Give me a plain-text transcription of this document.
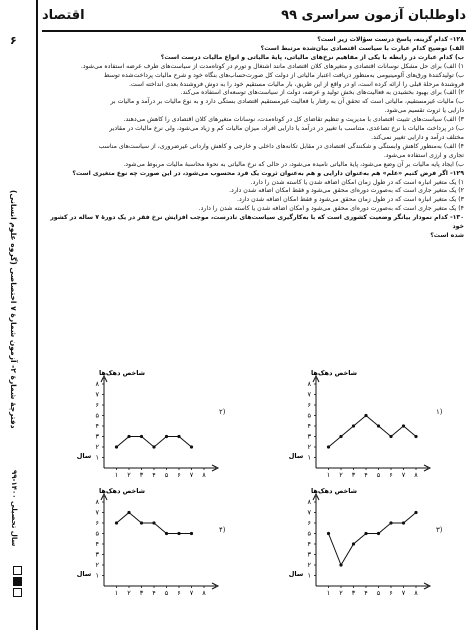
۶
دفترچۀ شمارۀ ۲- آزمون شمارۀ ۷ اختصاصی (گروه علوم انسانی)
سال تحصیلی ۱۴۰۰-۹۹
داوطلبان آزمون سراسری ۹۹
اقتصاد

۱۲۸- کدام گزینه، پاسخ درست سؤالات زیر است؟

الف) توضیح کدام عبارت با سیاست اقتصادی بیان‌شده مرتبط است؟

ب) کدام عبارت در رابطه با یکی از مفاهیم نرخ‌های مالیاتی، پایۀ مالیاتی و انواع مالیات درست است؟

۱) الف) برای حل مشکل نوسانات اقتصادی و متغیرهای کلان اقتصادی مانند اشتغال و تورم در کوتاه‌مدت از سیاست‌های طرف عرضه استفاده می‌شود.

ب) تولیدکنندۀ ورق‌های آلومینیومی به‌منظور دریافت اعتبار مالیاتی از دولت کل صورت‌حساب‌های بنگاه خود و شرح مالیات پرداخت‌شده توسط

فروشندۀ مرحلۀ قبلی را ارائه کرده است، او در واقع از این طریق، بار مالیات مستقیم خود را به دوش فروشندۀ بعدی انداخته است.

۲) الف) برای بهبود بخشیدن به فعالیت‌های بخش تولید و عرضه، دولت از سیاست‌های توسعه‌ای استفاده می‌کند.

ب) مالیات غیرمستقیم، مالیاتی است که تحقق آن به رفتار یا فعالیت غیرمستقیم اقتصادی بستگی دارد و به نوع مالیات بر درآمد و مالیات بر

دارایی یا ثروت تقسیم می‌شود.

۳) الف) سیاست‌های تثبیت اقتصادی با مدیریت و تنظیم تقاضای کل در کوتاه‌مدت، نوسانات متغیرهای کلان اقتصادی را کاهش می‌دهند.

ب) در پرداخت مالیات با نرخ تصاعدی، متناسب با تغییر در درآمد یا دارایی افراد، میزان مالیات کم و زیاد می‌شود، ولی نرخ مالیات در مقادیر

مختلف درآمد و دارایی تغییر نمی‌کند.

۴) الف) به‌منظور کاهش وابستگی و شکنندگی اقتصادی در مقابل تکانه‌های داخلی و خارجی و کاهش وارداتی غیرضروری، از سیاست‌های مناسب

تجاری و ارزی استفاده می‌شود.

ب) ایجاد پایه مالیات بر آن وضع می‌شود، پایۀ مالیاتی نامیده می‌شود، در حالی که نرخ مالیاتی به نحوۀ محاسبۀ مالیات مربوط می‌شود.

۱۲۹- اگر فرض کنیم «علم» هم به‌عنوان دارایی و هم به‌عنوان ثروت یک فرد محسوب می‌شود، در این صورت چه نوع متغیری است؟

۱) یک متغیر انباره است که در طول زمان امکان اضافه شدن یا کاسته شدن را دارد.

۲) یک متغیر جاری است که به‌صورت دوره‌ای محقق می‌شود و فقط امکان اضافه شدن دارد.

۳) یک متغیر انباره است که در طول زمان محقق می‌شود و فقط امکان اضافه شدن دارد.

۴) یک متغیر جاری است که به‌صورت دوره‌ای محقق می‌شود و امکان اضافه شدن یا کاسته شدن را دارد.

۱۳۰- کدام نمودار بیانگر وضعیت کشوری است که با به‌کارگیری سیاست‌های نادرست، موجب افزایش نرخ فقر در یک دورۀ ۷ ساله در کشور خود

شده است؟

شاخص دهک‌ها
سال ۱
۲
۳
۴
۵
۶
۷
۸
۱ ۲ ۳ ۴ ۵ ۶ ۷ ۸
۱)
شاخص دهک‌ها
سال ۱
۲
۳
۴
۵
۶
۷
۸
۱ ۲ ۳ ۴ ۵ ۶ ۷ ۸
۲)
شاخص دهک‌ها
سال ۱
۲
۳
۴
۵
۶
۷
۸
۱ ۲ ۳ ۴ ۵ ۶ ۷ ۸
۳)
شاخص دهک‌ها
سال ۱
۲
۳
۴
۵
۶
۷
۸
۱ ۲ ۳ ۴ ۵ ۶ ۷ ۸
۴)
